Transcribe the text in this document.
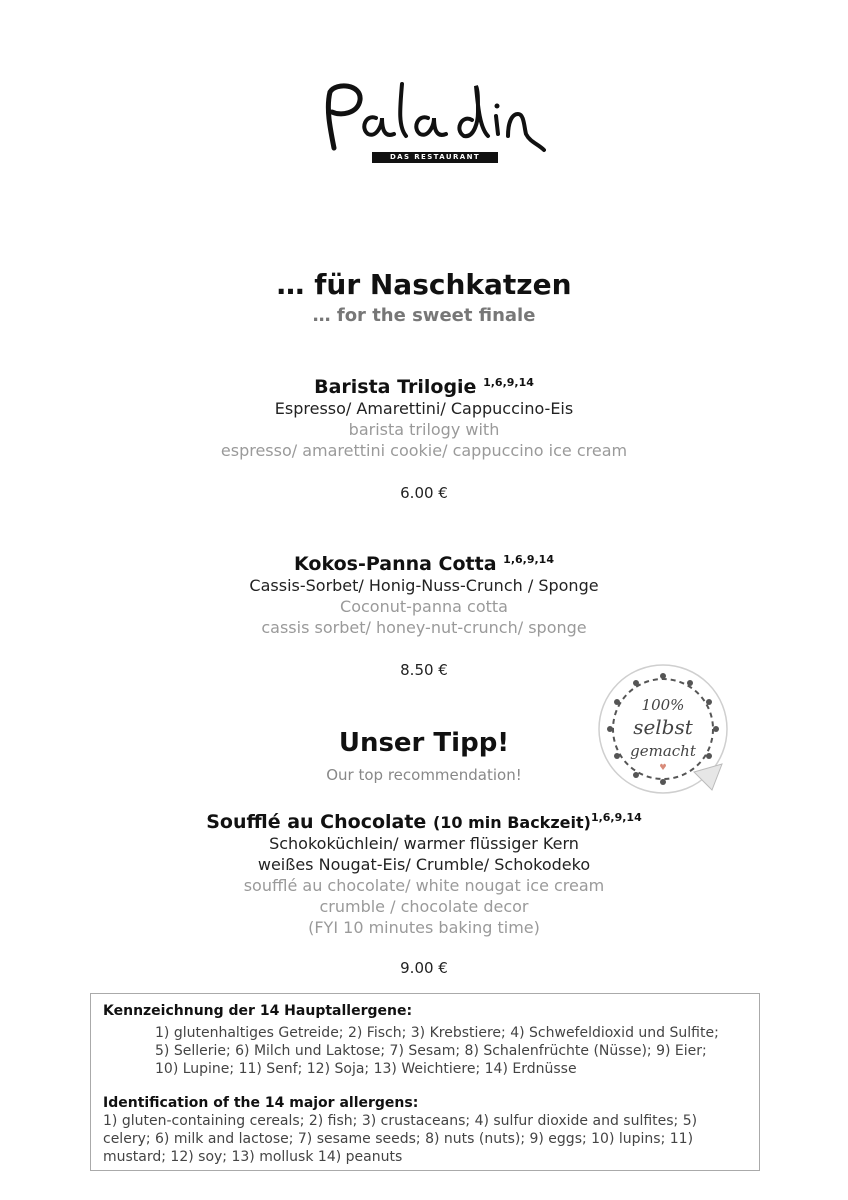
DAS RESTAURANT
… für Naschkatzen
… for the sweet finale
Barista Trilogie $^{1,6,9,14}$
Espresso/ Amarettini/ Cappuccino-Eis
barista trilogy with
espresso/ amarettini cookie/ cappuccino ice cream
6.00 €
Kokos-Panna Cotta $^{1,6,9,14}$
Cassis-Sorbet/ Honig-Nuss-Crunch / Sponge
Coconut-panna cotta
cassis sorbet/ honey-nut-crunch/ sponge
8.50 €
Unser Tipp!
Our top recommendation!
100%
selbst
gemacht
Soufflé au Chocolate (10 min Backzeit)$^{1,6,9,14}$
Schokoküchlein/ warmer flüssiger Kern
weißes Nougat-Eis/ Crumble/ Schokodeko
soufflé au chocolate/ white nougat ice cream
crumble / chocolate decor
(FYI 10 minutes baking time)
9.00 €
Kennzeichnung der 14 Hauptallergene:
1) glutenhaltiges Getreide; 2) Fisch; 3) Krebstiere; 4) Schwefeldioxid und Sulfite;
5) Sellerie; 6) Milch und Laktose; 7) Sesam; 8) Schalenfrüchte (Nüsse); 9) Eier;
10) Lupine; 11) Senf; 12) Soja; 13) Weichtiere; 14) Erdnüsse
Identification of the 14 major allergens:
1) gluten-containing cereals; 2) fish; 3) crustaceans; 4) sulfur dioxide and sulfites; 5)
celery; 6) milk and lactose; 7) sesame seeds; 8) nuts (nuts); 9) eggs; 10) lupins; 11)
mustard; 12) soy; 13) mollusk 14) peanuts
